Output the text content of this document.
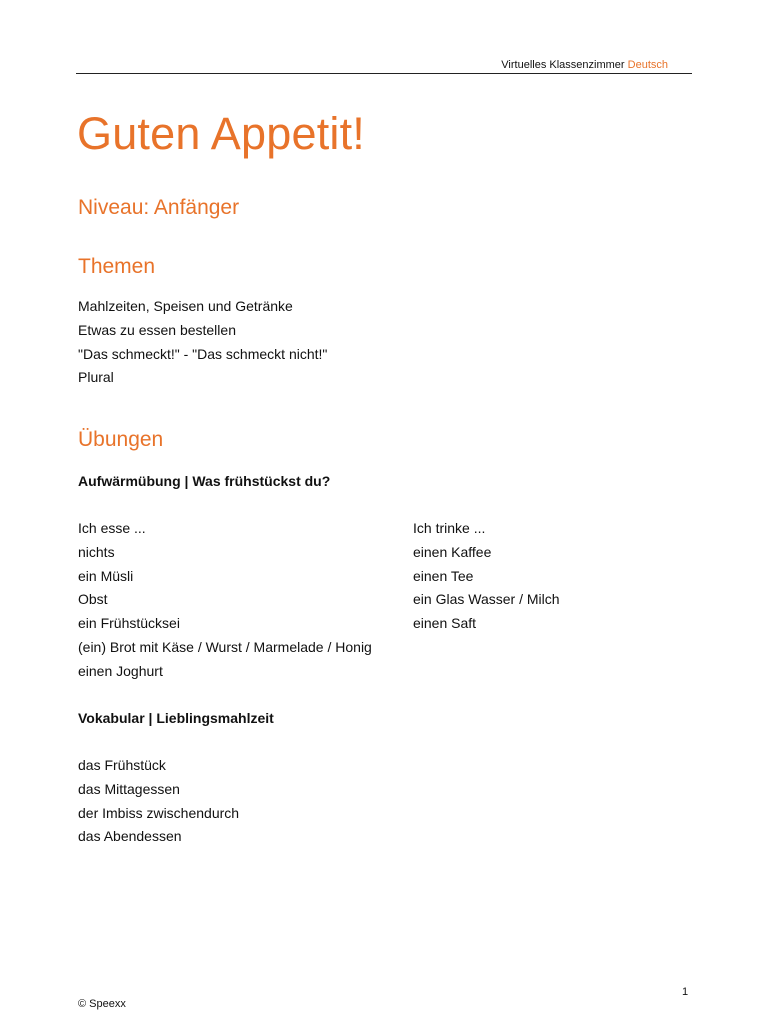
Virtuelles Klassenzimmer Deutsch
Guten Appetit!
Niveau: Anfänger
Themen
Mahlzeiten, Speisen und Getränke
Etwas zu essen bestellen
"Das schmeckt!" - "Das schmeckt nicht!"
Plural
Übungen
Aufwärmübung | Was frühstückst du?
Ich esse ...
nichts
ein Müsli
Obst
ein Frühstücksei
(ein) Brot mit Käse / Wurst / Marmelade / Honig
einen Joghurt
Ich trinke ...
einen Kaffee
einen Tee
ein Glas Wasser / Milch
einen Saft
Vokabular | Lieblingsmahlzeit
das Frühstück
das Mittagessen
der Imbiss zwischendurch
das Abendessen
© Speexx
1
